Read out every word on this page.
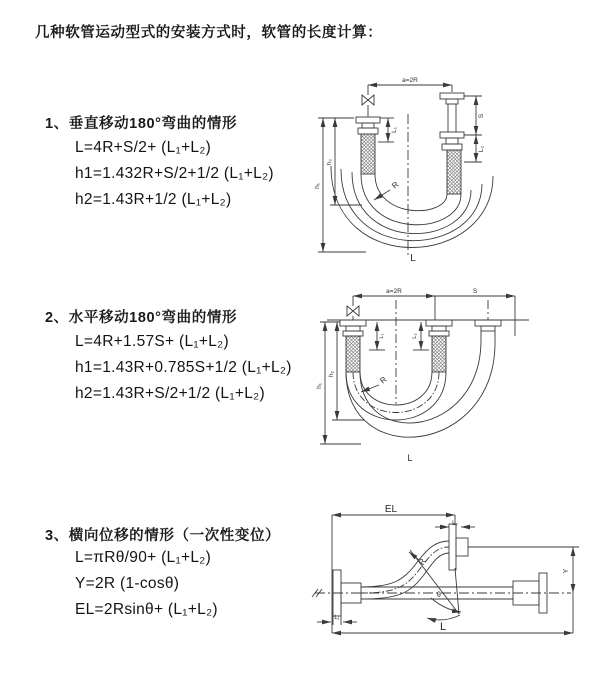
几种软管运动型式的安装方式时，软管的长度计算：
1、垂直移动180°弯曲的情形
L=4R+S/2+ (L₁+L₂)
h1=1.432R+S/2+1/2 (L₁+L₂)
h2=1.43R+1/2 (L₁+L₂)
a=2R
h₁
h₂
L₁
S
L₂
R
L
2、水平移动180°弯曲的情形
L=4R+1.57S+ (L₁+L₂)
h1=1.43R+0.785S+1/2 (L₁+L₂)
h2=1.43R+S/2+1/2 (L₁+L₂)
a=2R	S
h₁
h₂
L₁	L₂
R
L
3、横向位移的情形（一次性变位）
L=πRθ/90+ (L₁+L₂)
Y=2R (1-cosθ)
EL=2Rsinθ+ (L₁+L₂)
EL
L₂
L₁
Y
L
R
θ
